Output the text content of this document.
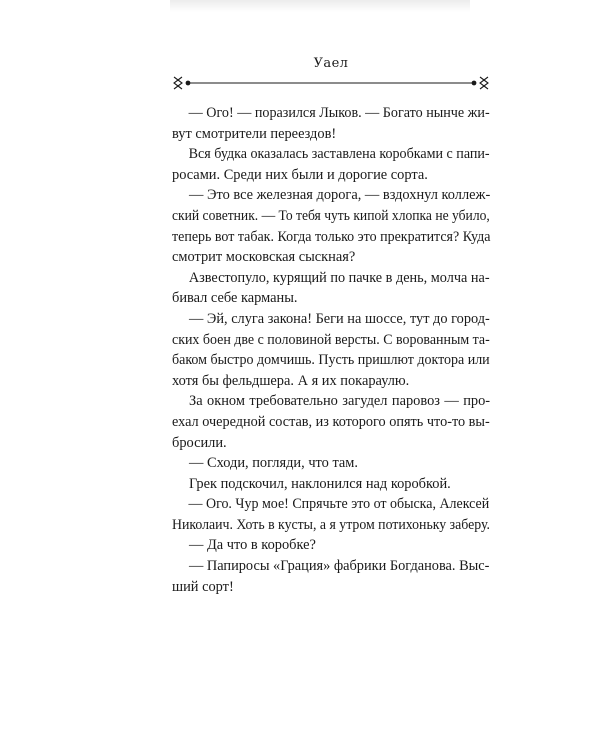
Уаел
— Ого! — поразился Лыков. — Богато нынче жи-
вут смотрители переездов!
Вся будка оказалась заставлена коробками с папи-
росами. Среди них были и дорогие сорта.
— Это все железная дорога, — вздохнул коллеж-
ский советник. — То тебя чуть кипой хлопка не убило,
теперь вот табак. Когда только это прекратится? Куда
смотрит московская сыскная?
Азвестопуло, курящий по пачке в день, молча на-
бивал себе карманы.
— Эй, слуга закона! Беги на шоссе, тут до город-
ских боен две с половиной версты. С ворованным та-
баком быстро домчишь. Пусть пришлют доктора или
хотя бы фельдшера. А я их покараулю.
За окном требовательно загудел паровоз — про-
ехал очередной состав, из которого опять что-то вы-
бросили.
— Сходи, погляди, что там.
Грек подскочил, наклонился над коробкой.
— Ого. Чур мое! Спрячьте это от обыска, Алексей
Николаич. Хоть в кусты, а я утром потихоньку заберу.
— Да что в коробке?
— Папиросы «Грация» фабрики Богданова. Выс-
ший сорт!
